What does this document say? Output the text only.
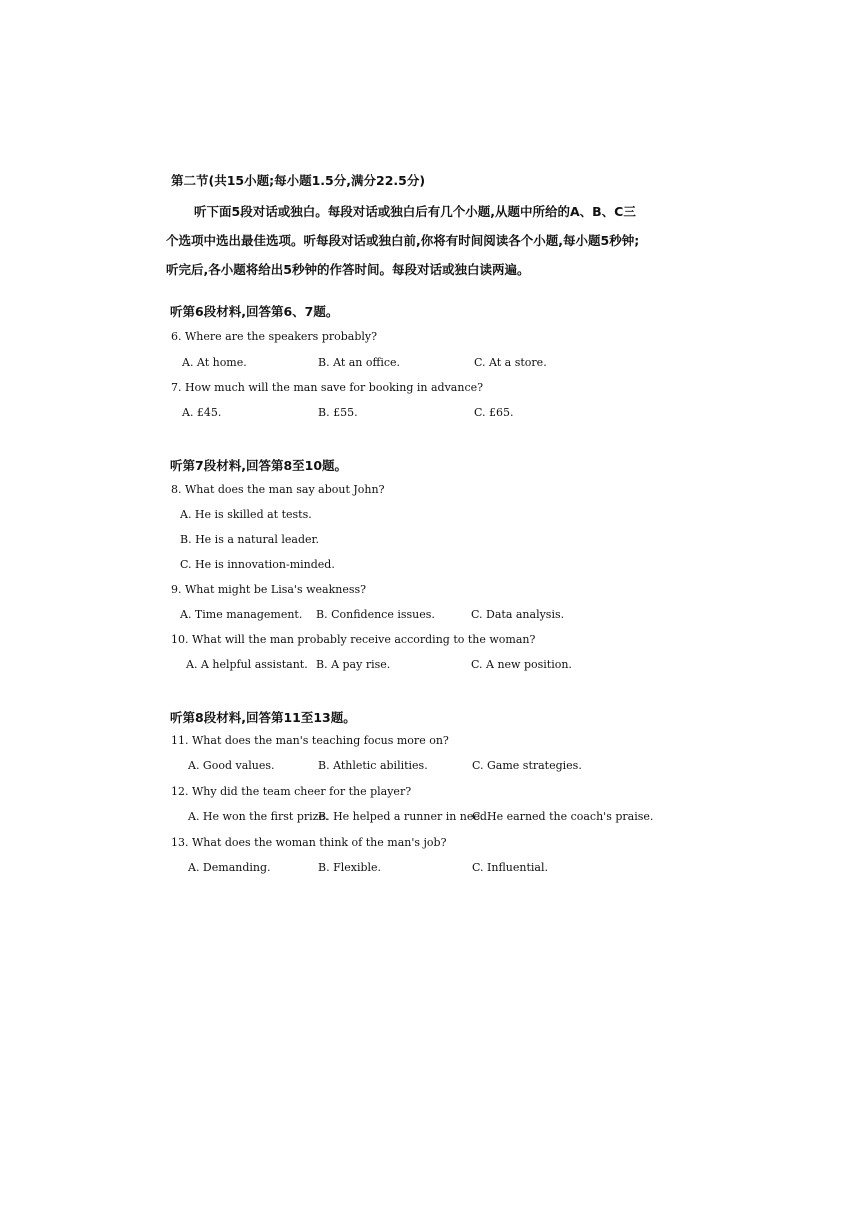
第二节(共15小题;每小题1.5分,满分22.5分)
听下面5段对话或独白。每段对话或独白后有几个小题,从题中所给的A、B、C三个选项中选出最佳选项。听每段对话或独白前,你将有时间阅读各个小题,每小题5秒钟;听完后,各小题将给出5秒钟的作答时间。每段对话或独白读两遍。
听第6段材料,回答第6、7题。
6. Where are the speakers probably?
A. At home.	B. At an office.	C. At a store.
7. How much will the man save for booking in advance?
A. £45.	B. £55.	C. £65.
听第7段材料,回答第8至10题。
8. What does the man say about John?
A. He is skilled at tests.
B. He is a natural leader.
C. He is innovation-minded.
9. What might be Lisa's weakness?
A. Time management. B. Confidence issues.	C. Data analysis.
10. What will the man probably receive according to the woman?
A. A helpful assistant. B. A pay rise.	C. A new position.
听第8段材料,回答第11至13题。
11. What does the man's teaching focus more on?
A. Good values.	B. Athletic abilities.	C. Game strategies.
12. Why did the team cheer for the player?
A. He won the first prize.
B. He helped a runner in need.
C. He earned the coach's praise.
13. What does the woman think of the man's job?
A. Demanding.	B. Flexible.	C. Influential.
